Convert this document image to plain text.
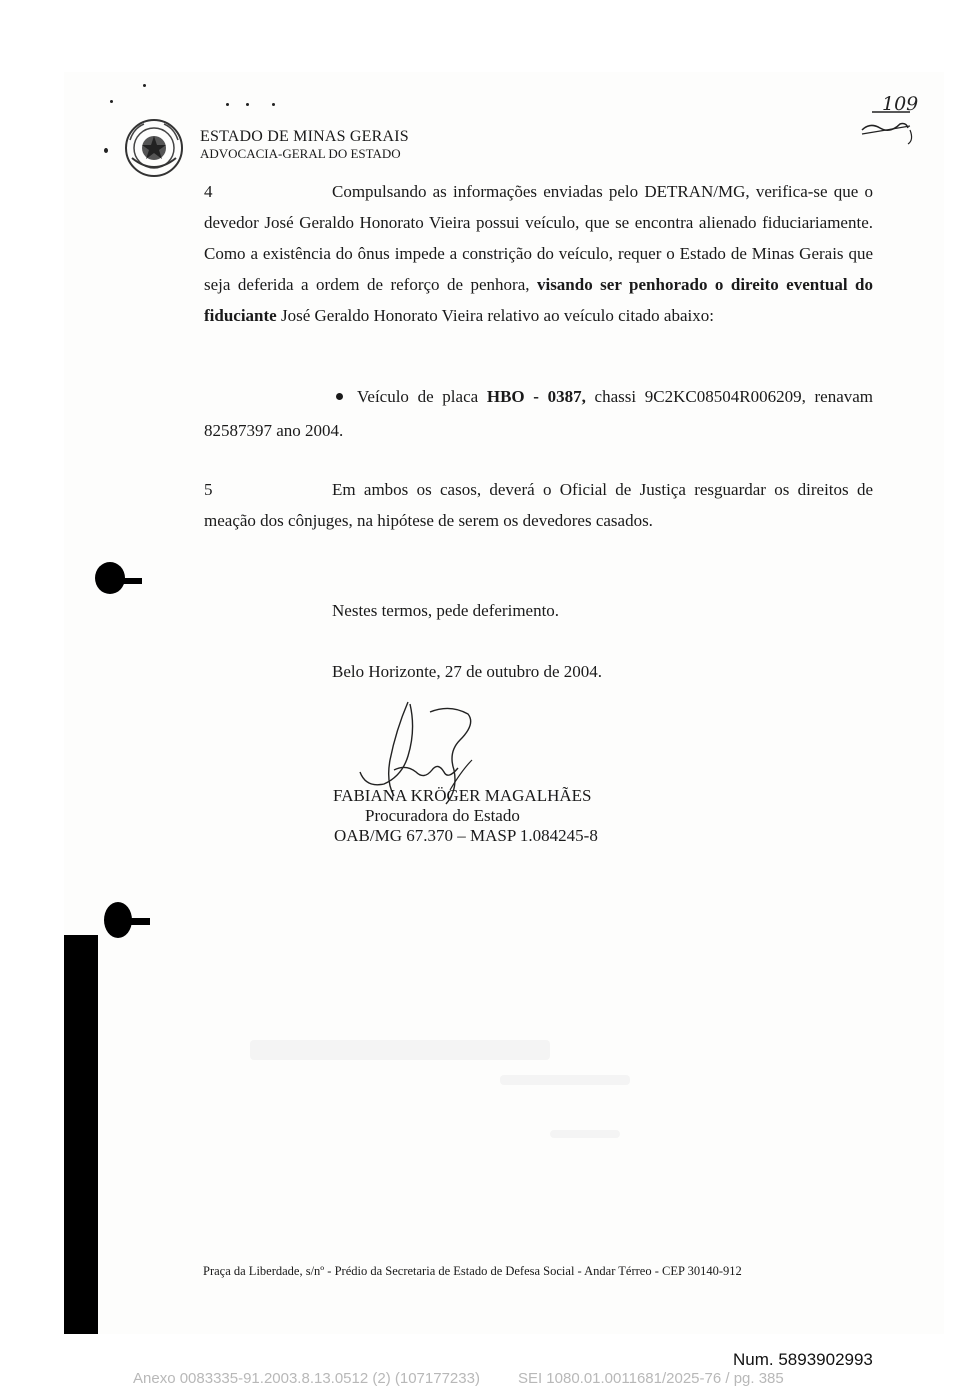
ESTADO DE MINAS GERAIS
ADVOCACIA-GERAL DO ESTADO
109
4	Compulsando as informações enviadas pelo DETRAN/MG, verifica-se que o devedor José Geraldo Honorato Vieira possui veículo, que se encontra alienado fiduciariamente. Como a existência do ônus impede a constrição do veículo, requer o Estado de Minas Gerais que seja deferida a ordem de reforço de penhora, visando ser penhorado o direito eventual do fiduciante José Geraldo Honorato Vieira relativo ao veículo citado abaixo:

Veículo de placa HBO - 0387, chassi 9C2KC08504R006209, renavam 82587397 ano 2004.
5	Em ambos os casos, deverá o Oficial de Justiça resguardar os direitos de meação dos cônjuges, na hipótese de serem os devedores casados.

Nestes termos, pede deferimento.
Belo Horizonte, 27 de outubro de 2004.
FABIANA KRÖGER MAGALHÃES
Procuradora do Estado
OAB/MG 67.370 – MASP 1.084245-8
Praça da Liberdade, s/nº - Prédio da Secretaria de Estado de Defesa Social - Andar Térreo - CEP 30140-912
Num. 5893902993
Anexo 0083335-91.2003.8.13.0512 (2) (107177233)	SEI 1080.01.0011681/2025-76 / pg. 385
